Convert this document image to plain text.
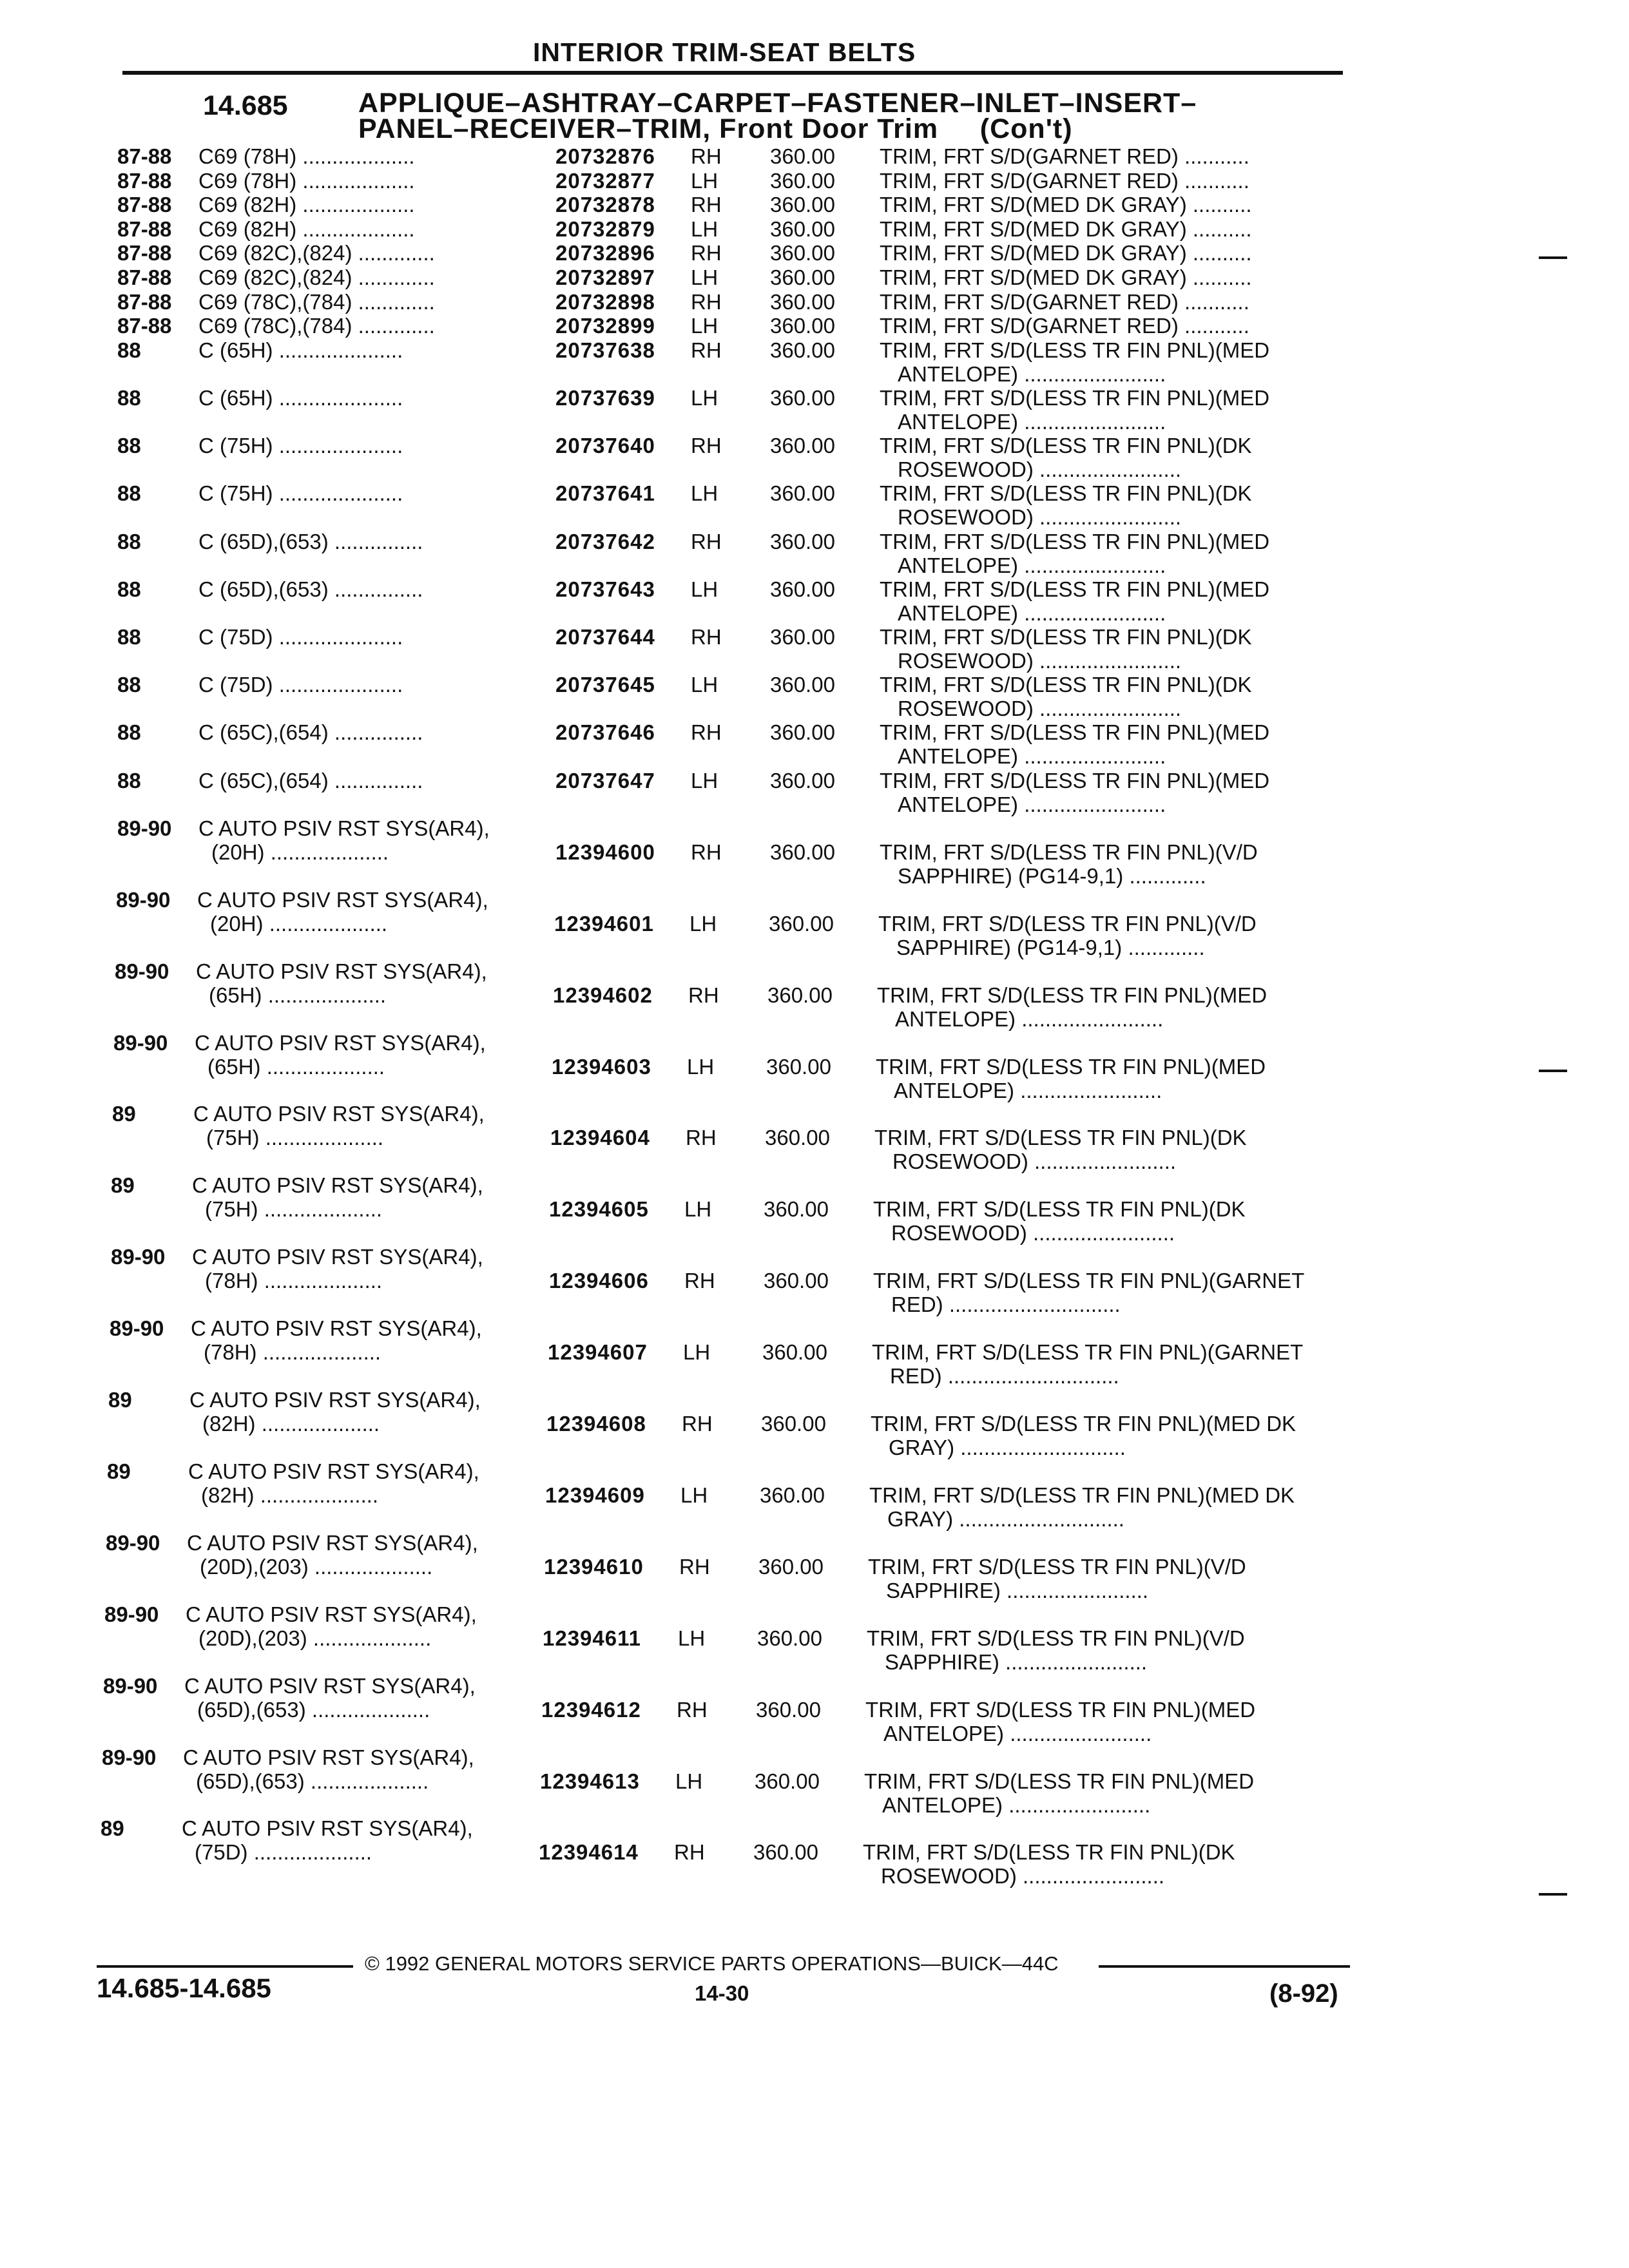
INTERIOR TRIM-SEAT BELTS
14.685	APPLIQUE–ASHTRAY–CARPET–FASTENER–INLET–INSERT–
PANEL–RECEIVER–TRIM, Front Door Trim     (Con't)
87-88 C69 (78H) ...................	20732876 RH 360.00 TRIM, FRT S/D(GARNET RED) ...........
87-88 C69 (78H) ...................	20732877 LH 360.00 TRIM, FRT S/D(GARNET RED) ...........
87-88 C69 (82H) ...................	20732878 RH 360.00 TRIM, FRT S/D(MED DK GRAY) ..........
87-88 C69 (82H) ...................	20732879 LH 360.00 TRIM, FRT S/D(MED DK GRAY) ..........
87-88 C69 (82C),(824) .............	20732896 RH 360.00 TRIM, FRT S/D(MED DK GRAY) ..........
87-88 C69 (82C),(824) .............	20732897 LH 360.00 TRIM, FRT S/D(MED DK GRAY) ..........
87-88 C69 (78C),(784) .............	20732898 RH 360.00 TRIM, FRT S/D(GARNET RED) ...........
87-88 C69 (78C),(784) .............	20732899 LH 360.00 TRIM, FRT S/D(GARNET RED) ...........
88	C (65H) .....................	20737638 RH 360.00 TRIM, FRT S/D(LESS TR FIN PNL)(MED
ANTELOPE) ........................
88	C (65H) .....................	20737639 LH 360.00 TRIM, FRT S/D(LESS TR FIN PNL)(MED
ANTELOPE) ........................
88	C (75H) .....................	20737640 RH 360.00 TRIM, FRT S/D(LESS TR FIN PNL)(DK
ROSEWOOD) ........................
88	C (75H) .....................	20737641 LH 360.00 TRIM, FRT S/D(LESS TR FIN PNL)(DK
ROSEWOOD) ........................
88	C (65D),(653) ...............	20737642 RH 360.00 TRIM, FRT S/D(LESS TR FIN PNL)(MED
ANTELOPE) ........................
88	C (65D),(653) ...............	20737643 LH 360.00 TRIM, FRT S/D(LESS TR FIN PNL)(MED
ANTELOPE) ........................
88	C (75D) .....................	20737644 RH 360.00 TRIM, FRT S/D(LESS TR FIN PNL)(DK
ROSEWOOD) ........................
88	C (75D) .....................	20737645 LH 360.00 TRIM, FRT S/D(LESS TR FIN PNL)(DK
ROSEWOOD) ........................
88	C (65C),(654) ...............	20737646 RH 360.00 TRIM, FRT S/D(LESS TR FIN PNL)(MED
ANTELOPE) ........................
88	C (65C),(654) ...............	20737647 LH 360.00 TRIM, FRT S/D(LESS TR FIN PNL)(MED
ANTELOPE) ........................
89-90 C AUTO PSIV RST SYS(AR4),
(20H) ....................	12394600 RH 360.00 TRIM, FRT S/D(LESS TR FIN PNL)(V/D
SAPPHIRE) (PG14-9,1) .............
89-90 C AUTO PSIV RST SYS(AR4),
(20H) ....................	12394601 LH 360.00 TRIM, FRT S/D(LESS TR FIN PNL)(V/D
SAPPHIRE) (PG14-9,1) .............
89-90 C AUTO PSIV RST SYS(AR4),
(65H) ....................	12394602 RH 360.00 TRIM, FRT S/D(LESS TR FIN PNL)(MED
ANTELOPE) ........................
89-90 C AUTO PSIV RST SYS(AR4),
(65H) ....................	12394603 LH 360.00 TRIM, FRT S/D(LESS TR FIN PNL)(MED
ANTELOPE) ........................
89	C AUTO PSIV RST SYS(AR4),
(75H) ....................	12394604 RH 360.00 TRIM, FRT S/D(LESS TR FIN PNL)(DK
ROSEWOOD) ........................
89	C AUTO PSIV RST SYS(AR4),
(75H) ....................	12394605 LH 360.00 TRIM, FRT S/D(LESS TR FIN PNL)(DK
ROSEWOOD) ........................
89-90 C AUTO PSIV RST SYS(AR4),
(78H) ....................	12394606 RH 360.00 TRIM, FRT S/D(LESS TR FIN PNL)(GARNET
RED) .............................
89-90 C AUTO PSIV RST SYS(AR4),
(78H) ....................	12394607 LH 360.00 TRIM, FRT S/D(LESS TR FIN PNL)(GARNET
RED) .............................
89	C AUTO PSIV RST SYS(AR4),
(82H) ....................	12394608 RH 360.00 TRIM, FRT S/D(LESS TR FIN PNL)(MED DK
GRAY) ............................
89	C AUTO PSIV RST SYS(AR4),
(82H) ....................	12394609 LH 360.00 TRIM, FRT S/D(LESS TR FIN PNL)(MED DK
GRAY) ............................
89-90 C AUTO PSIV RST SYS(AR4),
(20D),(203) ....................	12394610 RH 360.00 TRIM, FRT S/D(LESS TR FIN PNL)(V/D
SAPPHIRE) ........................
89-90 C AUTO PSIV RST SYS(AR4),
(20D),(203) ....................	12394611 LH 360.00 TRIM, FRT S/D(LESS TR FIN PNL)(V/D
SAPPHIRE) ........................
89-90 C AUTO PSIV RST SYS(AR4),
(65D),(653) ....................	12394612 RH 360.00 TRIM, FRT S/D(LESS TR FIN PNL)(MED
ANTELOPE) ........................
89-90 C AUTO PSIV RST SYS(AR4),
(65D),(653) ....................	12394613 LH 360.00 TRIM, FRT S/D(LESS TR FIN PNL)(MED
ANTELOPE) ........................
89	C AUTO PSIV RST SYS(AR4),
(75D) ....................	12394614 RH 360.00 TRIM, FRT S/D(LESS TR FIN PNL)(DK
ROSEWOOD) ........................
© 1992 GENERAL MOTORS SERVICE PARTS OPERATIONS—BUICK—44C
14.685-14.685	14-30	(8-92)
